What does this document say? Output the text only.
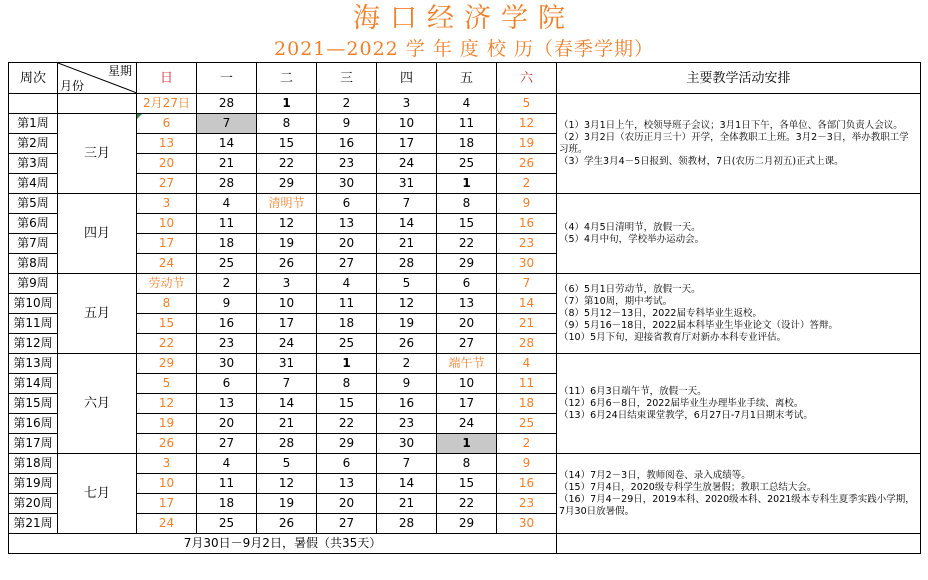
海口经济学院
2021—2022 学 年 度 校 历（春季学期）
周次	星期
月份	日	一	二	三	四	五	六	主要教学活动安排
		2月27日	28	1	2	3	4	5	（1）3月1日上午，校领导班子会议；3月1日下午，各单位、各部门负责人会议。
（2）3月2日（农历正月三十）开学，全体教职工上班。3月2－3日，举办教职工学习班。
（3）学生3月4－5日报到、领教材，7日(农历二月初五)正式上课。

第1周	三月	6	7	8	9	10	11	12	
第2周		13	14	15	16	17	18	19	
第3周		20	21	22	23	24	25	26	
第4周		27	28	29	30	31	1	2	
第5周	四月	3	4	清明节	6	7	8	9	（4）4月5日清明节，放假一天。
（5）4月中旬，学校举办运动会。

第6周		10	11	12	13	14	15	16	
第7周		17	18	19	20	21	22	23	
第8周		24	25	26	27	28	29	30	
第9周	五月	劳动节	2	3	4	5	6	7	（6）5月1日劳动节，放假一天。
（7）第10周，期中考试。
（8）5月12－13日，2022届专科毕业生返校。
（9）5月16－18日，2022届本科毕业生毕业论文（设计）答辩。
（10）5月下旬，迎接省教育厅对新办本科专业评估。

第10周		8	9	10	11	12	13	14	
第11周		15	16	17	18	19	20	21	
第12周		22	23	24	25	26	27	28	
第13周	六月	29	30	31	1	2	端午节	4	（11）6月3日端午节，放假一天。
（12）6月6－8日，2022届毕业生办理毕业手续、离校。
（13）6月24日结束课堂教学，6月27日-7月1日期末考试。

第14周		5	6	7	8	9	10	11	
第15周		12	13	14	15	16	17	18	
第16周		19	20	21	22	23	24	25	
第17周		26	27	28	29	30	1	2	
第18周	七月	3	4	5	6	7	8	9	（14）7月2－3日，教师阅卷、录入成绩等。
（15）7月4日，2020级专科学生放暑假；教职工总结大会。
（16）7月4－29日，2019本科、2020级本科、2021级本专科生夏季实践小学期，7月30日放暑假。

第19周		10	11	12	13	14	15	16	
第20周		17	18	19	20	21	22	23	
第21周		24	25	26	27	28	29	30	
7月30日－9月2日，暑假（共35天）									
